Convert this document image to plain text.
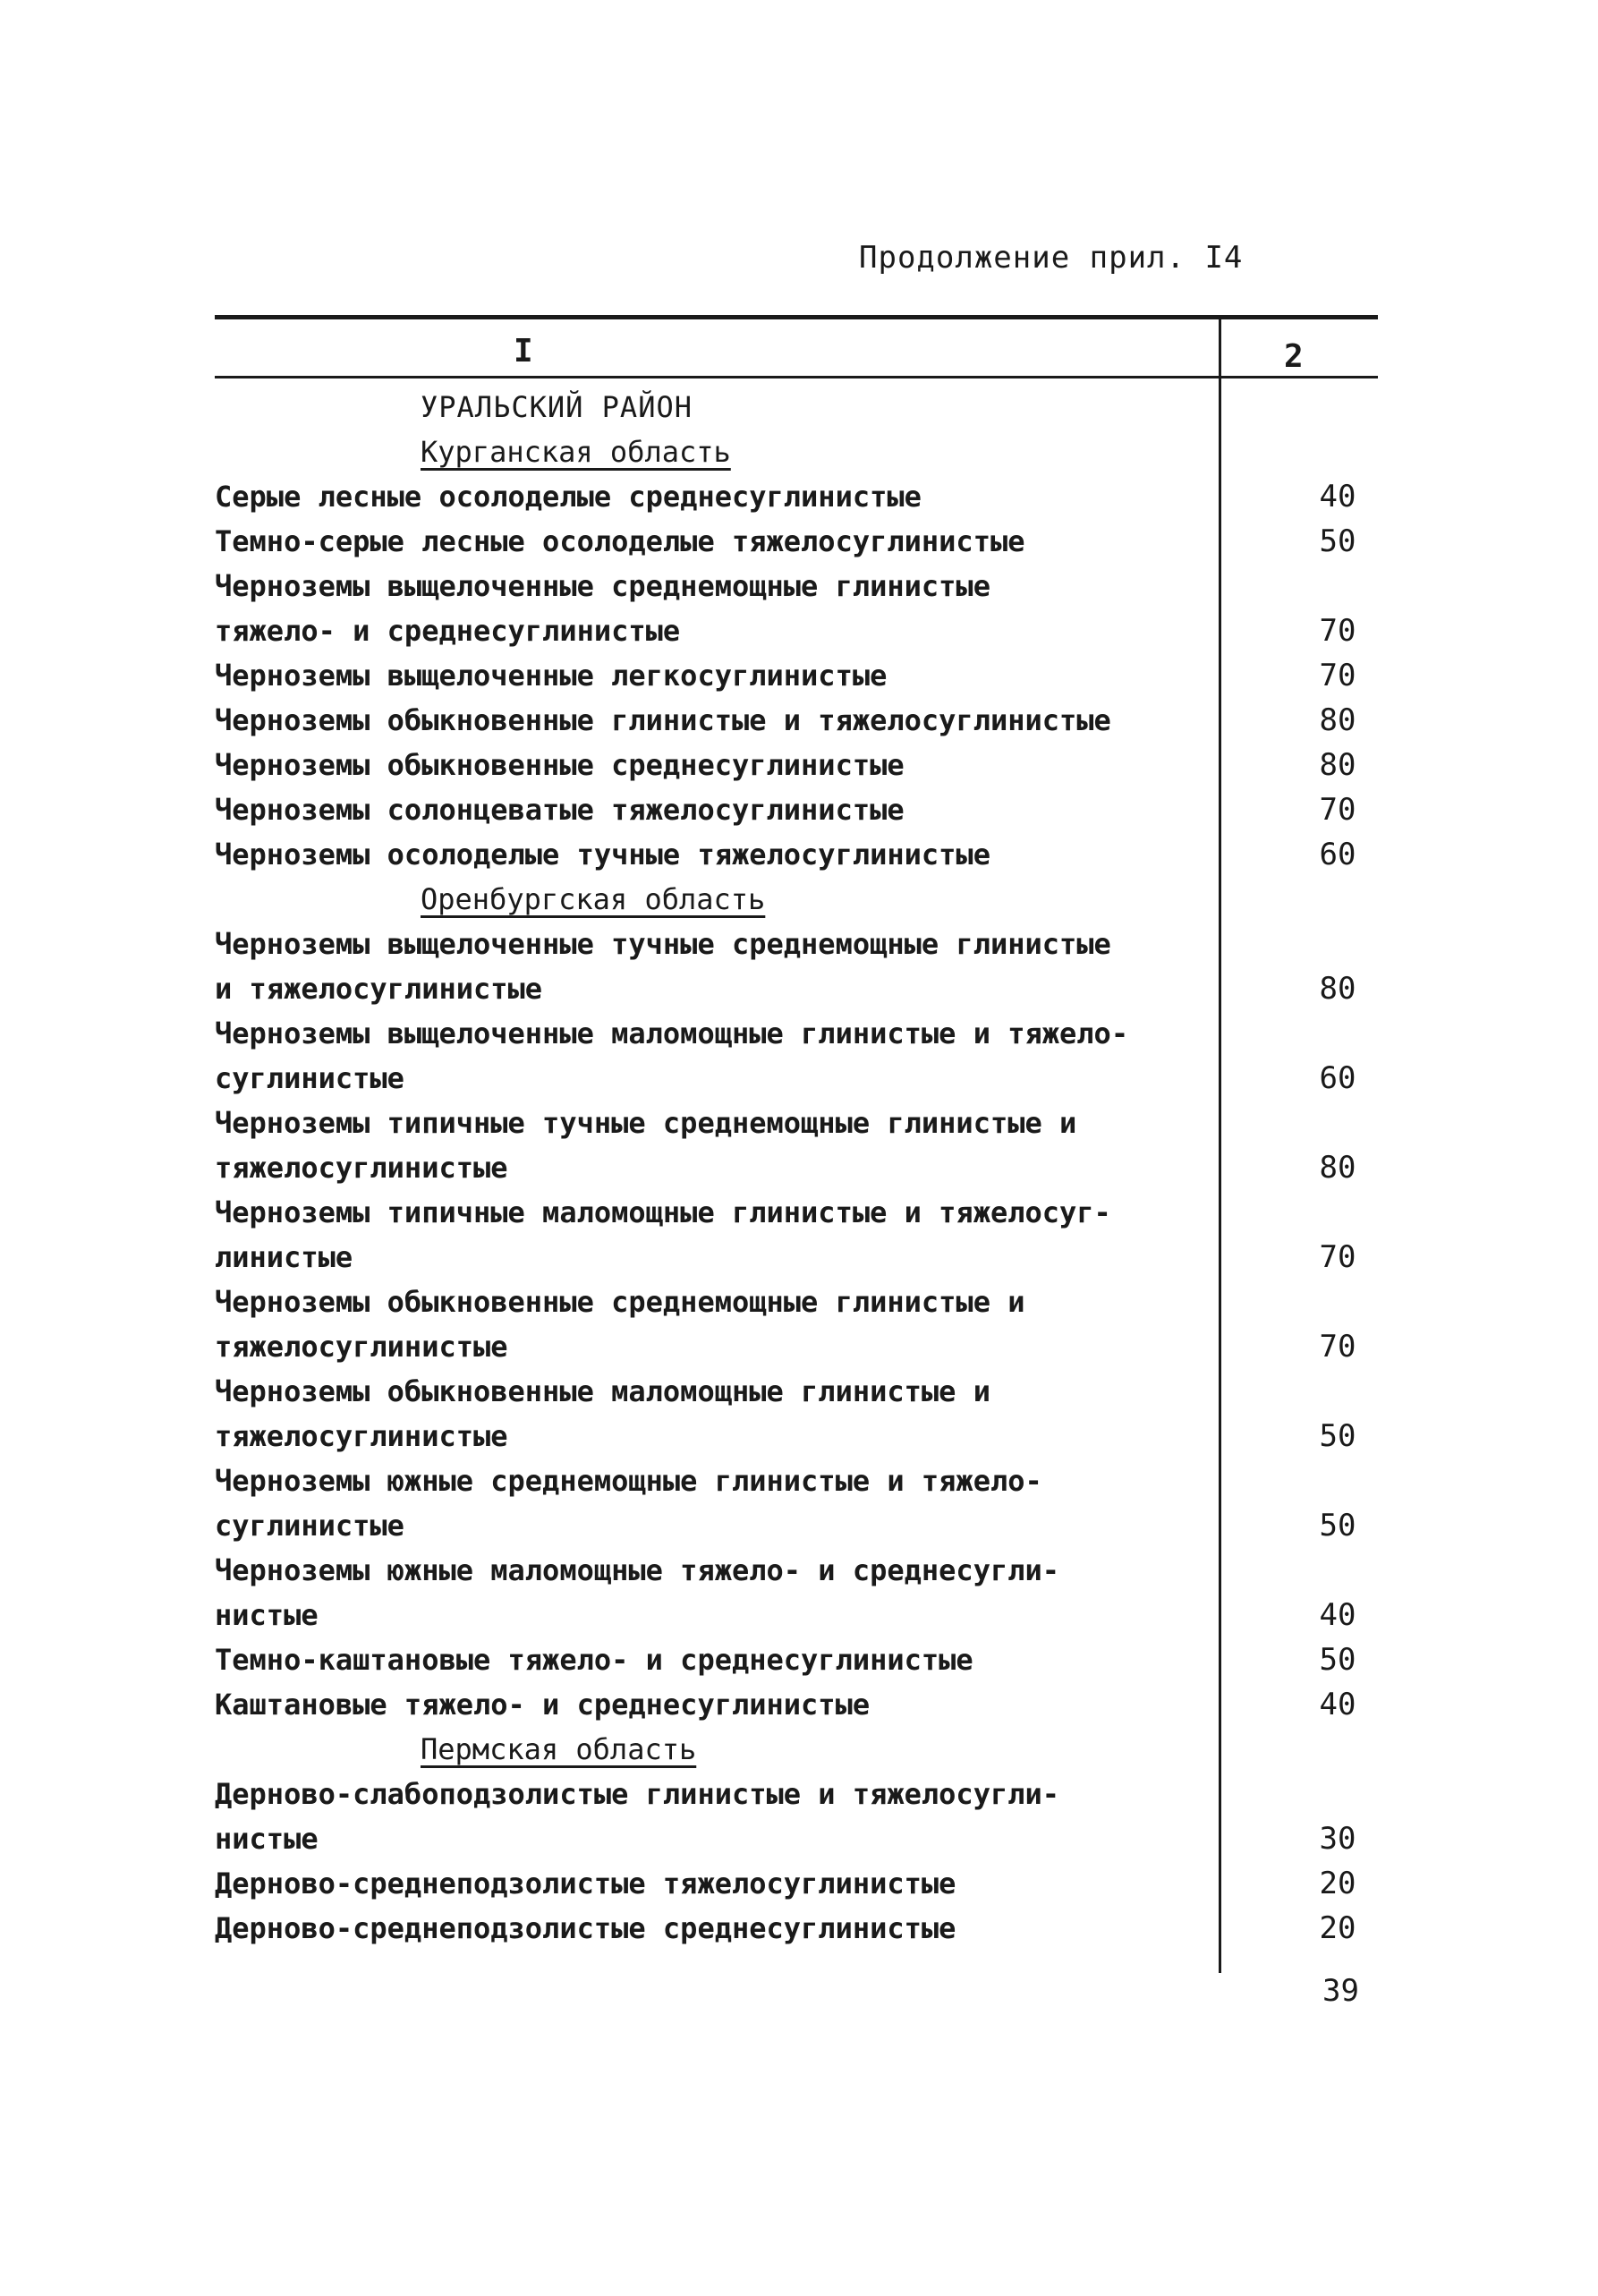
Продолжение прил. I4
I	2
УРАЛЬСКИЙ РАЙОН
Курганская область
Серые лесные осолоделые среднесуглинистые	40
Темно-серые лесные осолоделые тяжелосуглинистые	50
Черноземы выщелоченные среднемощные глинистые
тяжело- и среднесуглинистые	70
Черноземы выщелоченные легкосуглинистые	70
Черноземы обыкновенные глинистые и тяжелосуглинистые	80
Черноземы обыкновенные среднесуглинистые	80
Черноземы солонцеватые тяжелосуглинистые	70
Черноземы осолоделые тучные тяжелосуглинистые	60
Оренбургская область
Черноземы выщелоченные тучные среднемощные глинистые
и тяжелосуглинистые	80
Черноземы выщелоченные маломощные глинистые и тяжело-
суглинистые	60
Черноземы типичные тучные среднемощные глинистые и
тяжелосуглинистые	80
Черноземы типичные маломощные глинистые и тяжелосуг-
линистые	70
Черноземы обыкновенные среднемощные глинистые и
тяжелосуглинистые	70
Черноземы обыкновенные маломощные глинистые и
тяжелосуглинистые	50
Черноземы южные среднемощные глинистые и тяжело-
суглинистые	50
Черноземы южные маломощные тяжело- и среднесугли-
нистые	40
Темно-каштановые тяжело- и среднесуглинистые	50
Каштановые тяжело- и среднесуглинистые	40
Пермская область
Дерново-слабоподзолистые глинистые и тяжелосугли-
нистые	30
Дерново-среднеподзолистые тяжелосуглинистые	20
Дерново-среднеподзолистые среднесуглинистые	20
39
